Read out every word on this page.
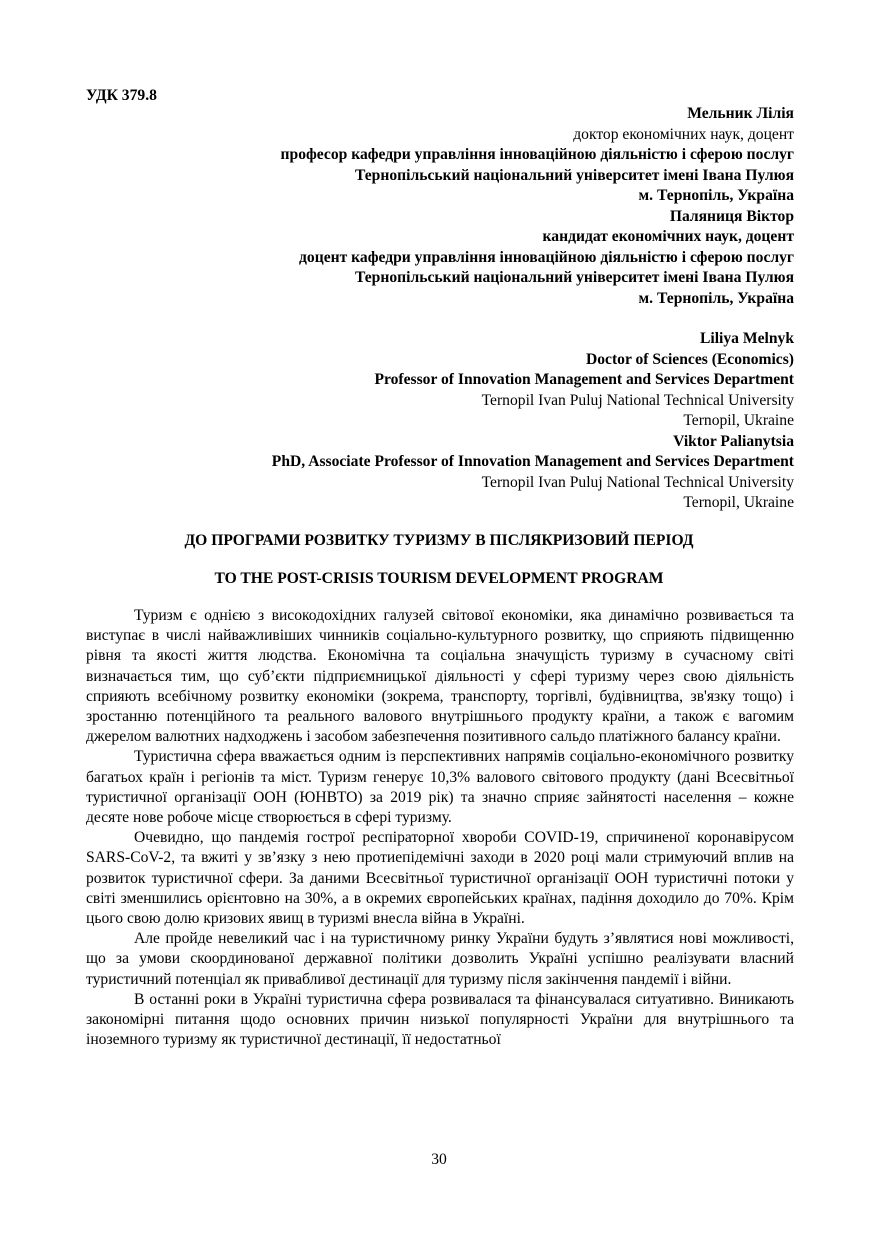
УДК 379.8
Мельник Лілія
доктор економічних наук, доцент
професор кафедри управління інноваційною діяльністю і сферою послуг
Тернопільський національний університет імені Івана Пулюя
м. Тернопіль, Україна
Паляниця Віктор
кандидат економічних наук, доцент
доцент кафедри управління інноваційною діяльністю і сферою послуг
Тернопільський національний університет імені Івана Пулюя
м. Тернопіль, Україна
Liliya Melnyk
Doctor of Sciences (Economics)
Professor of Innovation Management and Services Department
Ternopil Ivan Puluj National Technical University
Ternopil, Ukraine
Viktor Palianytsia
PhD, Associate Professor of Innovation Management and Services Department
Ternopil Ivan Puluj National Technical University
Ternopil, Ukraine
ДО ПРОГРАМИ РОЗВИТКУ ТУРИЗМУ В ПІСЛЯКРИЗОВИЙ ПЕРІОД
TO THE POST-CRISIS TOURISM DEVELOPMENT PROGRAM

Туризм є однією з високодохідних галузей світової економіки, яка динамічно розвивається та виступає в числі найважливіших чинників соціально-культурного розвитку, що сприяють підвищенню рівня та якості життя людства. Економічна та соціальна значущість туризму в сучасному світі визначається тим, що суб’єкти підприємницької діяльності у сфері туризму через свою діяльність сприяють всебічному розвитку економіки (зокрема, транспорту, торгівлі, будівництва, зв'язку тощо) і зростанню потенційного та реального валового внутрішнього продукту країни, а також є вагомим джерелом валютних надходжень і засобом забезпечення позитивного сальдо платіжного балансу країни.

Туристична сфера вважається одним із перспективних напрямів соціально-економічного розвитку багатьох країн і регіонів та міст. Туризм генерує 10,3% валового світового продукту (дані Всесвітньої туристичної організації ООН (ЮНВТО) за 2019 рік) та значно сприяє зайнятості населення – кожне десяте нове робоче місце створюється в сфері туризму.

Очевидно, що пандемія гострої респіраторної хвороби COVID-19, спричиненої коронавірусом SARS-CoV-2, та вжиті у зв’язку з нею протиепідемічні заходи в 2020 році мали стримуючий вплив на розвиток туристичної сфери. За даними Всесвітньої туристичної організації ООН туристичні потоки у світі зменшились орієнтовно на 30%, а в окремих європейських країнах, падіння доходило до 70%. Крім цього свою долю кризових явищ в туризмі внесла війна в Україні.

Але пройде невеликий час і на туристичному ринку України будуть з’являтися нові можливості, що за умови скоординованої державної політики дозволить Україні успішно реалізувати власний туристичний потенціал як привабливої дестинації для туризму після закінчення пандемії і війни.

В останні роки в Україні туристична сфера розвивалася та фінансувалася ситуативно. Виникають закономірні питання щодо основних причин низької популярності України для внутрішнього та іноземного туризму як туристичної дестинації, її недостатньої

30
